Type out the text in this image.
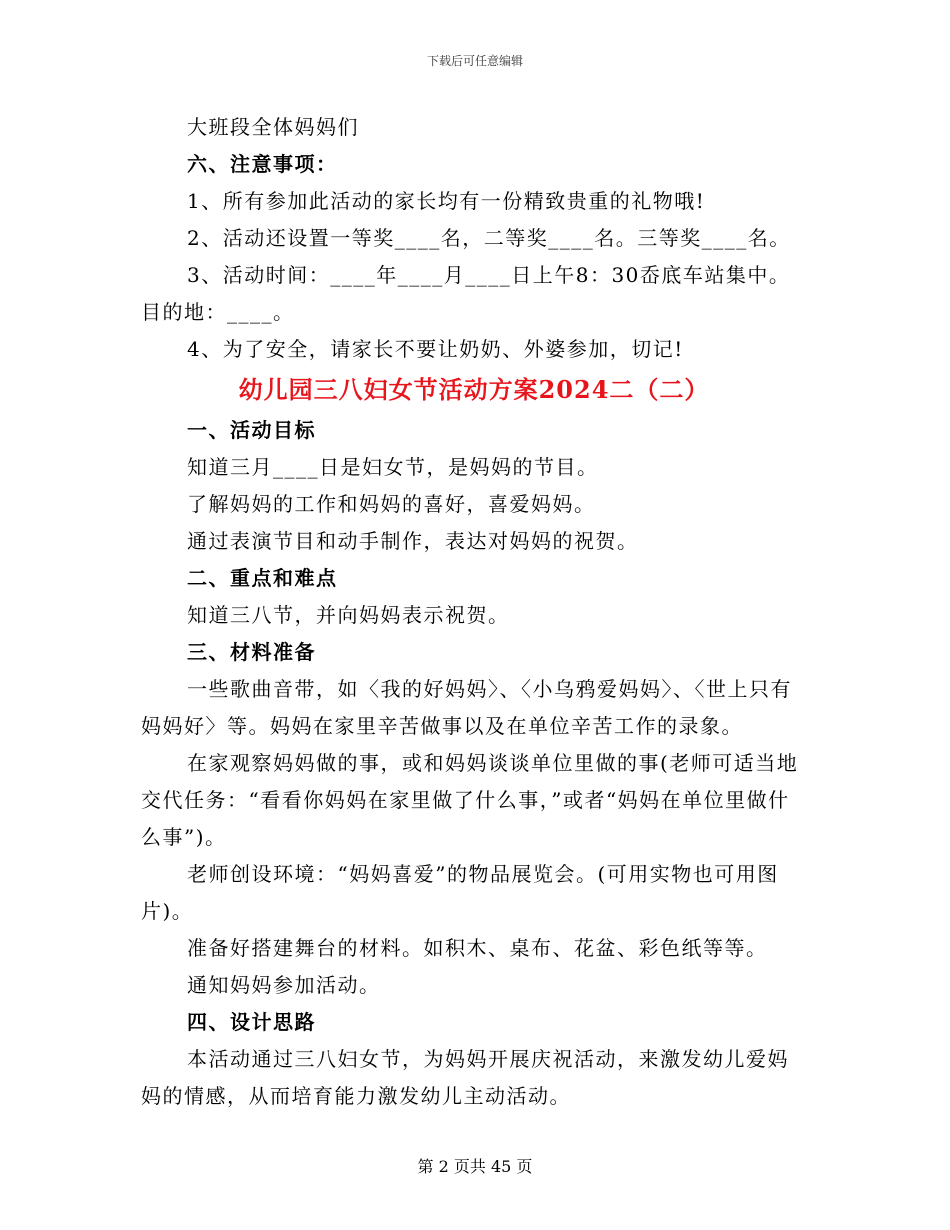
下载后可任意编辑

大班段全体妈妈们

六、注意事项：

1、所有参加此活动的家长均有一份精致贵重的礼物哦!

2、活动还设置一等奖____名，二等奖____名。三等奖____名。

3、活动时间：____年____月____日上午8：30岙底车站集中。目的地：____。

4、为了安全，请家长不要让奶奶、外婆参加，切记!

幼儿园三八妇女节活动方案2024二（二）

一、活动目标

知道三月____日是妇女节，是妈妈的节目。

了解妈妈的工作和妈妈的喜好，喜爱妈妈。

通过表演节目和动手制作，表达对妈妈的祝贺。

二、重点和难点

知道三八节，并向妈妈表示祝贺。

三、材料准备

一些歌曲音带，如〈我的好妈妈〉、〈小乌鸦爱妈妈〉、〈世上只有妈妈好〉等。妈妈在家里辛苦做事以及在单位辛苦工作的录象。

在家观察妈妈做的事，或和妈妈谈谈单位里做的事(老师可适当地交代任务：“看看你妈妈在家里做了什么事，”或者“妈妈在单位里做什么事”)。

老师创设环境：“妈妈喜爱”的物品展览会。(可用实物也可用图片)。

准备好搭建舞台的材料。如积木、桌布、花盆、彩色纸等等。

通知妈妈参加活动。

四、设计思路

本活动通过三八妇女节，为妈妈开展庆祝活动，来激发幼儿爱妈妈的情感，从而培育能力激发幼儿主动活动。

第 2 页共 45 页
